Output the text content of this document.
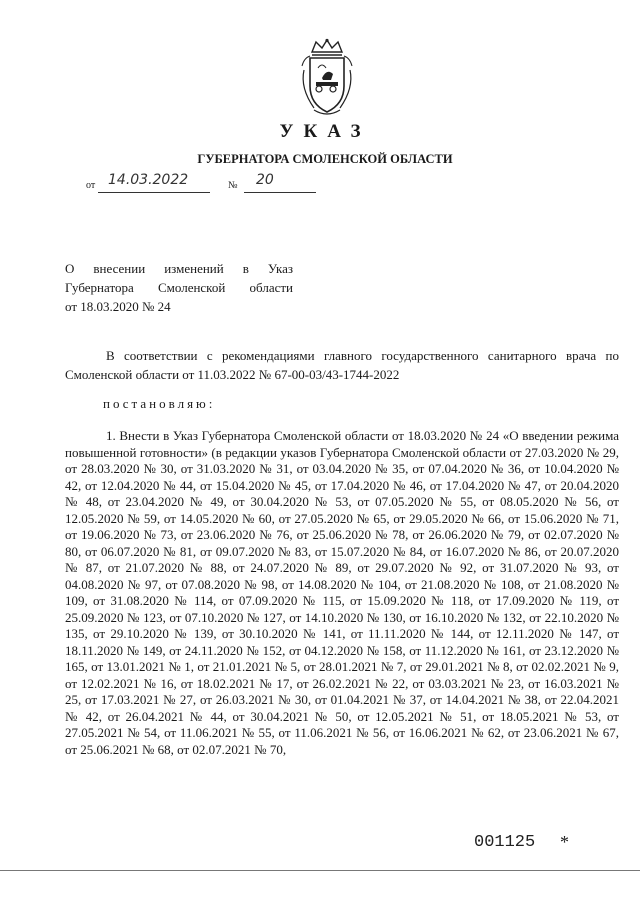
УКАЗ
ГУБЕРНАТОРА СМОЛЕНСКОЙ ОБЛАСТИ
от 14.03.2022	№ 20
О внесении изменений в Указ
Губернатора Смоленской области
от 18.03.2020 № 24
В соответствии с рекомендациями главного государственного санитарного врача по Смоленской области от 11.03.2022 № 67-00-03/43-1744-2022
постановляю:
1. Внести в Указ Губернатора Смоленской области от 18.03.2020 № 24 «О введении режима повышенной готовности» (в редакции указов Губернатора Смоленской области от 27.03.2020 № 29, от 28.03.2020 № 30, от 31.03.2020 № 31, от 03.04.2020 № 35, от 07.04.2020 № 36, от 10.04.2020 № 42, от 12.04.2020 № 44, от 15.04.2020 № 45, от 17.04.2020 № 46, от 17.04.2020 № 47, от 20.04.2020 № 48, от 23.04.2020 № 49, от 30.04.2020 № 53, от 07.05.2020 № 55, от 08.05.2020 № 56, от 12.05.2020 № 59, от 14.05.2020 № 60, от 27.05.2020 № 65, от 29.05.2020 № 66, от 15.06.2020 № 71, от 19.06.2020 № 73, от 23.06.2020 № 76, от 25.06.2020 № 78, от 26.06.2020 № 79, от 02.07.2020 № 80, от 06.07.2020 № 81, от 09.07.2020 № 83, от 15.07.2020 № 84, от 16.07.2020 № 86, от 20.07.2020 № 87, от 21.07.2020 № 88, от 24.07.2020 № 89, от 29.07.2020 № 92, от 31.07.2020 № 93, от 04.08.2020 № 97, от 07.08.2020 № 98, от 14.08.2020 № 104, от 21.08.2020 № 108, от 21.08.2020 № 109, от 31.08.2020 № 114, от 07.09.2020 № 115, от 15.09.2020 № 118, от 17.09.2020 № 119, от 25.09.2020 № 123, от 07.10.2020 № 127, от 14.10.2020 № 130, от 16.10.2020 № 132, от 22.10.2020 № 135, от 29.10.2020 № 139, от 30.10.2020 № 141, от 11.11.2020 № 144, от 12.11.2020 № 147, от 18.11.2020 № 149, от 24.11.2020 № 152, от 04.12.2020 № 158, от 11.12.2020 № 161, от 23.12.2020 № 165, от 13.01.2021 № 1, от 21.01.2021 № 5, от 28.01.2021 № 7, от 29.01.2021 № 8, от 02.02.2021 № 9, от 12.02.2021 № 16, от 18.02.2021 № 17, от 26.02.2021 № 22, от 03.03.2021 № 23, от 16.03.2021 № 25, от 17.03.2021 № 27, от 26.03.2021 № 30, от 01.04.2021 № 37, от 14.04.2021 № 38, от 22.04.2021 № 42, от 26.04.2021 № 44, от 30.04.2021 № 50, от 12.05.2021 № 51, от 18.05.2021 № 53, от 27.05.2021 № 54, от 11.06.2021 № 55, от 11.06.2021 № 56, от 16.06.2021 № 62, от 23.06.2021 № 67, от 25.06.2021 № 68, от 02.07.2021 № 70,
001125 *
